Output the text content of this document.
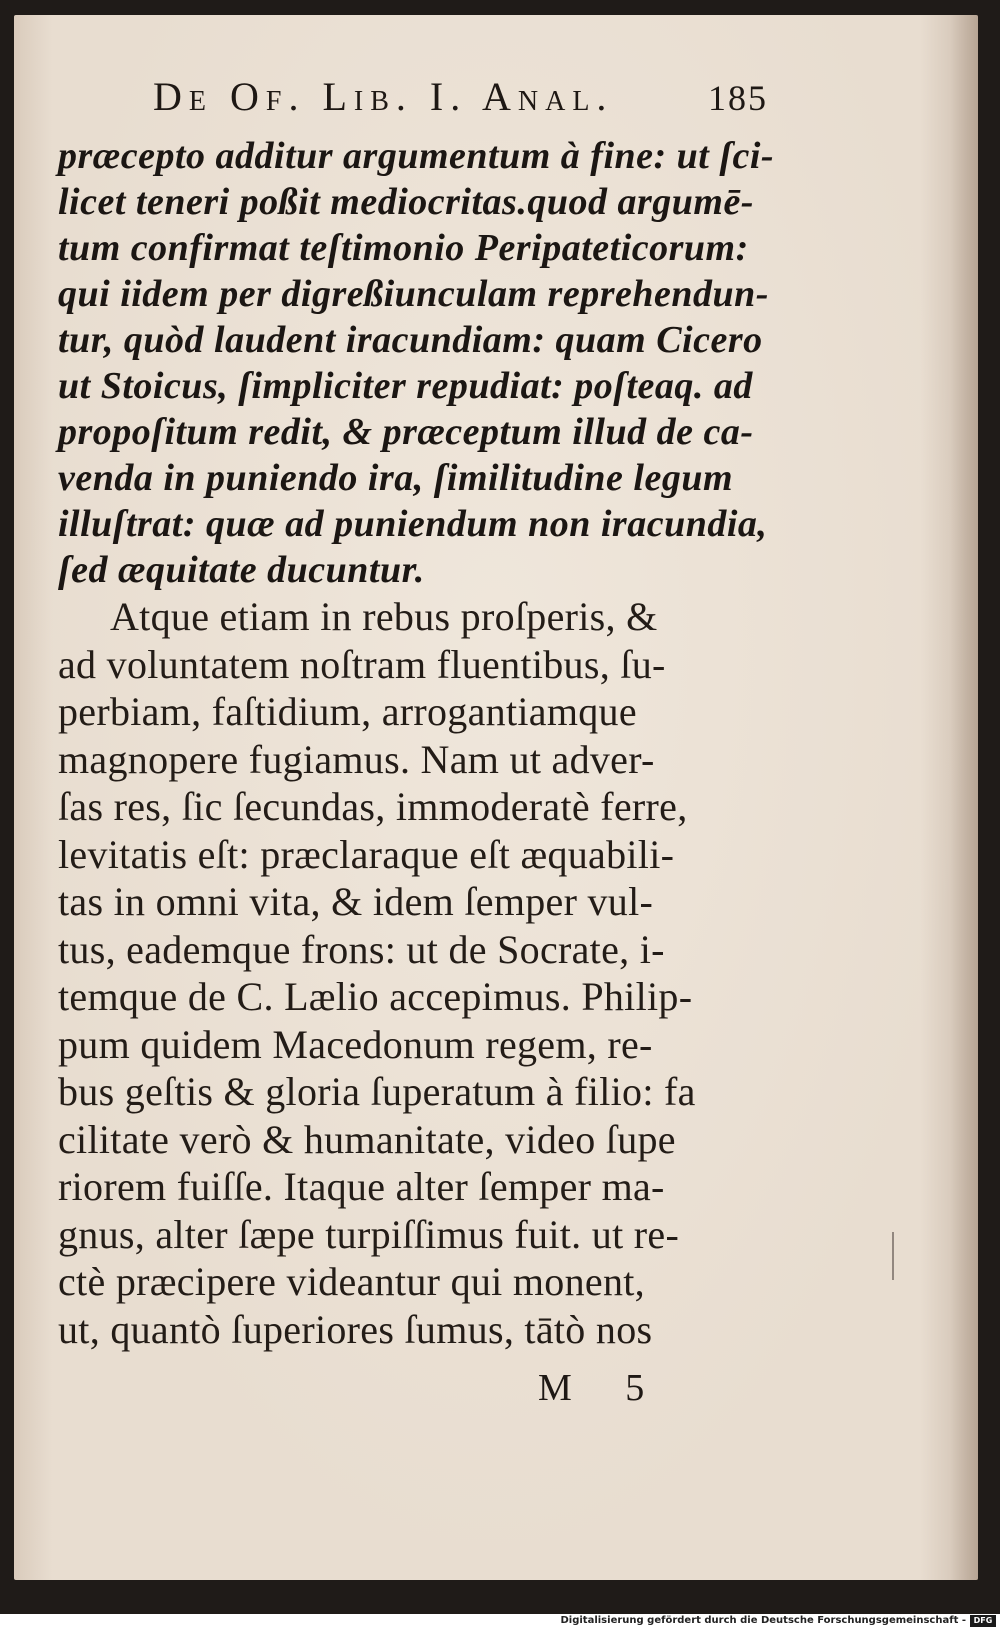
De Of. Lib. I. Anal.	185
præcepto additur argumentum à fine: ut ſci-
licet teneri poßit mediocritas.quod argumē-
tum confirmat teſtimonio Peripateticorum:
qui iidem per digreßiunculam reprehendun-
tur, quòd laudent iracundiam: quam Cicero
ut Stoicus, ſimpliciter repudiat: poſteaq. ad
propoſitum redit, & præceptum illud de ca-
venda in puniendo ira, ſimilitudine legum
illuſtrat: quæ ad puniendum non iracundia,
ſed æquitate ducuntur.
Atque etiam in rebus proſperis, &
ad voluntatem noſtram fluentibus, ſu-
perbiam, faſtidium, arrogantiamque
magnopere fugiamus. Nam ut adver-
ſas res, ſic ſecundas, immoderatè ferre,
levitatis eſt: præclaraque eſt æquabili-
tas in omni vita, & idem ſemper vul-
tus, eademque frons: ut de Socrate, i-
temque de C. Lælio accepimus. Philip-
pum quidem Macedonum regem, re-
bus geſtis & gloria ſuperatum à filio: fa
cilitate verò & humanitate, video ſupe
riorem fuiſſe. Itaque alter ſemper ma-
gnus, alter ſæpe turpiſſimus fuit. ut re-
ctè præcipere videantur qui monent,
ut, quantò ſuperiores ſumus, tātò nos
M 5
Digitalisierung gefördert durch die Deutsche Forschungsgemeinschaft - DFG
